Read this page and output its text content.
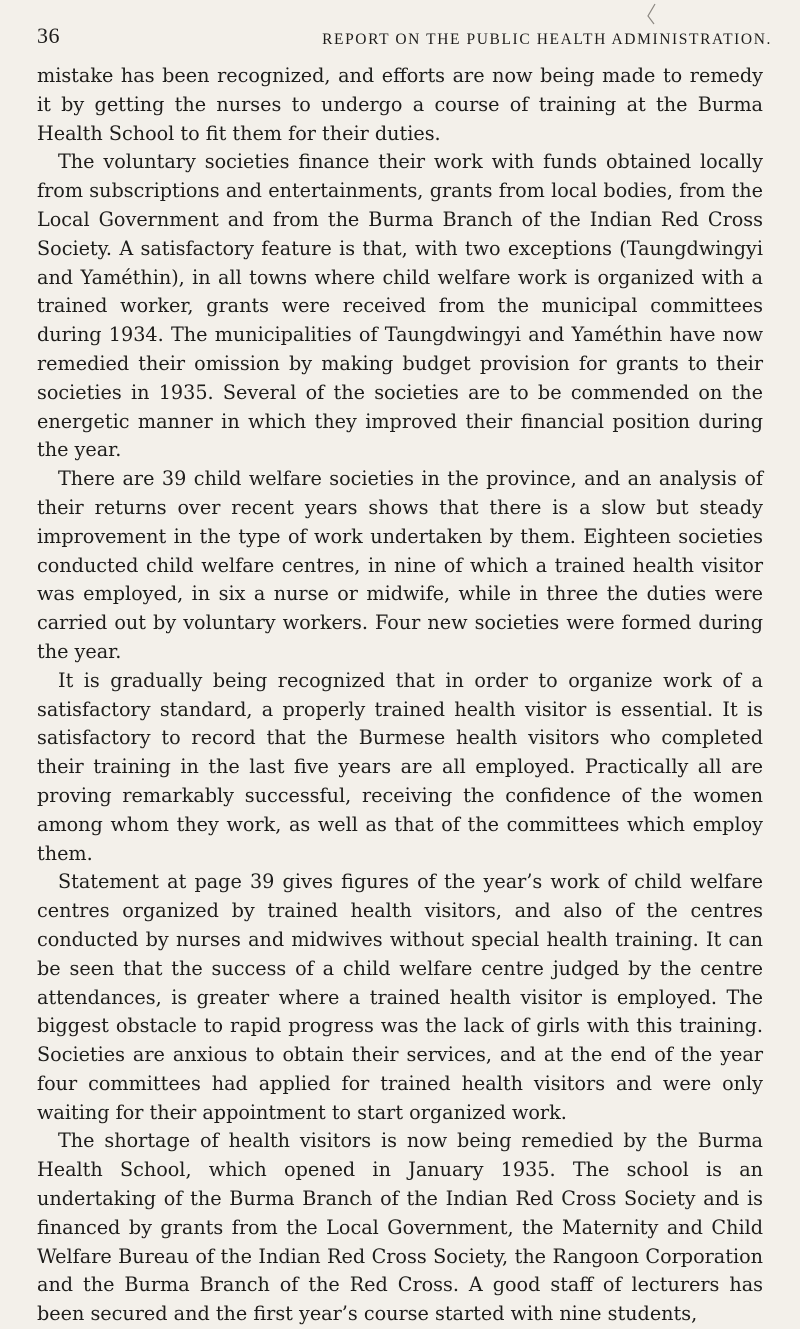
36	REPORT ON THE PUBLIC HEALTH ADMINISTRATION.

mistake has been recognized, and efforts are now being made to remedy it by getting the nurses to undergo a course of training at the Burma Health School to fit them for their duties.

The voluntary societies finance their work with funds obtained locally from subscriptions and entertainments, grants from local bodies, from the Local Government and from the Burma Branch of the Indian Red Cross Society. A satisfactory feature is that, with two exceptions (Taungdwingyi and Yaméthin), in all towns where child welfare work is organized with a trained worker, grants were received from the municipal committees during 1934. The municipalities of Taungdwingyi and Yaméthin have now remedied their omission by making budget provision for grants to their societies in 1935. Several of the societies are to be commended on the energetic manner in which they improved their financial position during the year.

There are 39 child welfare societies in the province, and an analysis of their returns over recent years shows that there is a slow but steady improvement in the type of work undertaken by them. Eighteen societies conducted child welfare centres, in nine of which a trained health visitor was employed, in six a nurse or midwife, while in three the duties were carried out by voluntary workers. Four new societies were formed during the year.

It is gradually being recognized that in order to organize work of a satisfactory standard, a properly trained health visitor is essential. It is satisfactory to record that the Burmese health visitors who completed their training in the last five years are all employed. Practically all are proving remarkably successful, receiving the confidence of the women among whom they work, as well as that of the committees which employ them.

Statement at page 39 gives figures of the year’s work of child welfare centres organized by trained health visitors, and also of the centres conducted by nurses and midwives without special health training. It can be seen that the success of a child welfare centre judged by the centre attendances, is greater where a trained health visitor is employed. The biggest obstacle to rapid progress was the lack of girls with this training. Societies are anxious to obtain their services, and at the end of the year four committees had applied for trained health visitors and were only waiting for their appointment to start organized work.

The shortage of health visitors is now being remedied by the Burma Health School, which opened in January 1935. The school is an undertaking of the Burma Branch of the Indian Red Cross Society and is financed by grants from the Local Government, the Maternity and Child Welfare Bureau of the Indian Red Cross Society, the Rangoon Corporation and the Burma Branch of the Red Cross. A good staff of lecturers has been secured and the first year’s course started with nine students,
